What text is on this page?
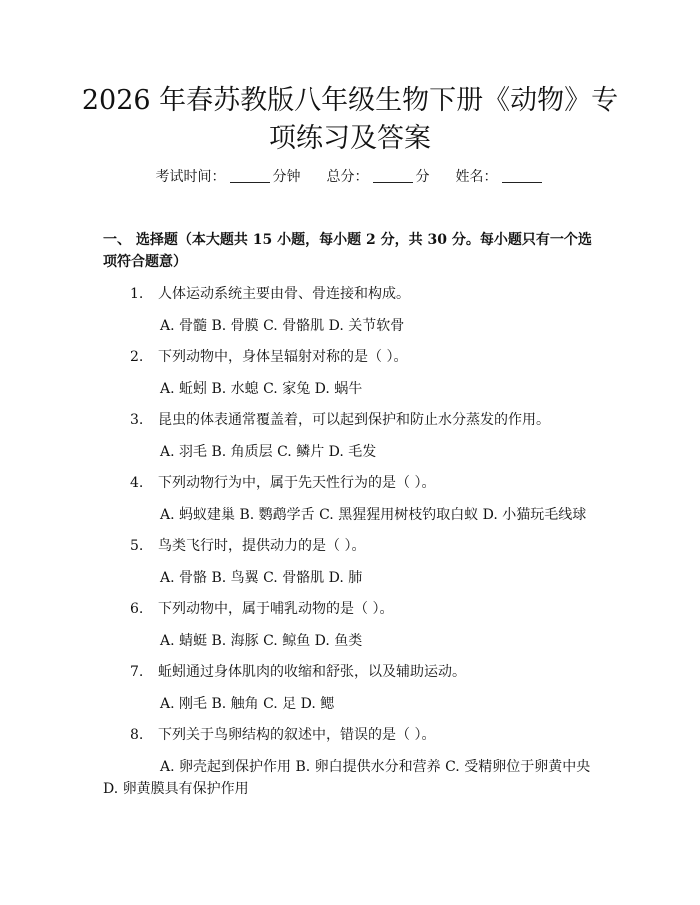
2026 年春苏教版八年级生物下册《动物》专
项练习及答案
考试时间：	分钟 总分：	分 姓名：
一、 选择题（本大题共 15 小题，每小题 2 分，共 30 分。每小题只有一个选项符合题意）
1. 人体运动系统主要由骨、骨连接和构成。
A. 骨髓 B. 骨膜 C. 骨骼肌 D. 关节软骨
2. 下列动物中，身体呈辐射对称的是（ ）。
A. 蚯蚓 B. 水螅 C. 家兔 D. 蜗牛
3. 昆虫的体表通常覆盖着，可以起到保护和防止水分蒸发的作用。
A. 羽毛 B. 角质层 C. 鳞片 D. 毛发
4. 下列动物行为中，属于先天性行为的是（ ）。
A. 蚂蚁建巢 B. 鹦鹉学舌 C. 黑猩猩用树枝钓取白蚁 D. 小猫玩毛线球
5. 鸟类飞行时，提供动力的是（ ）。
A. 骨骼 B. 鸟翼 C. 骨骼肌 D. 肺
6. 下列动物中，属于哺乳动物的是（ ）。
A. 蜻蜓 B. 海豚 C. 鲸鱼 D. 鱼类
7. 蚯蚓通过身体肌肉的收缩和舒张，以及辅助运动。
A. 刚毛 B. 触角 C. 足 D. 鳃
8. 下列关于鸟卵结构的叙述中，错误的是（ ）。
A. 卵壳起到保护作用 B. 卵白提供水分和营养 C. 受精卵位于卵黄中央 D. 卵黄膜具有保护作用
